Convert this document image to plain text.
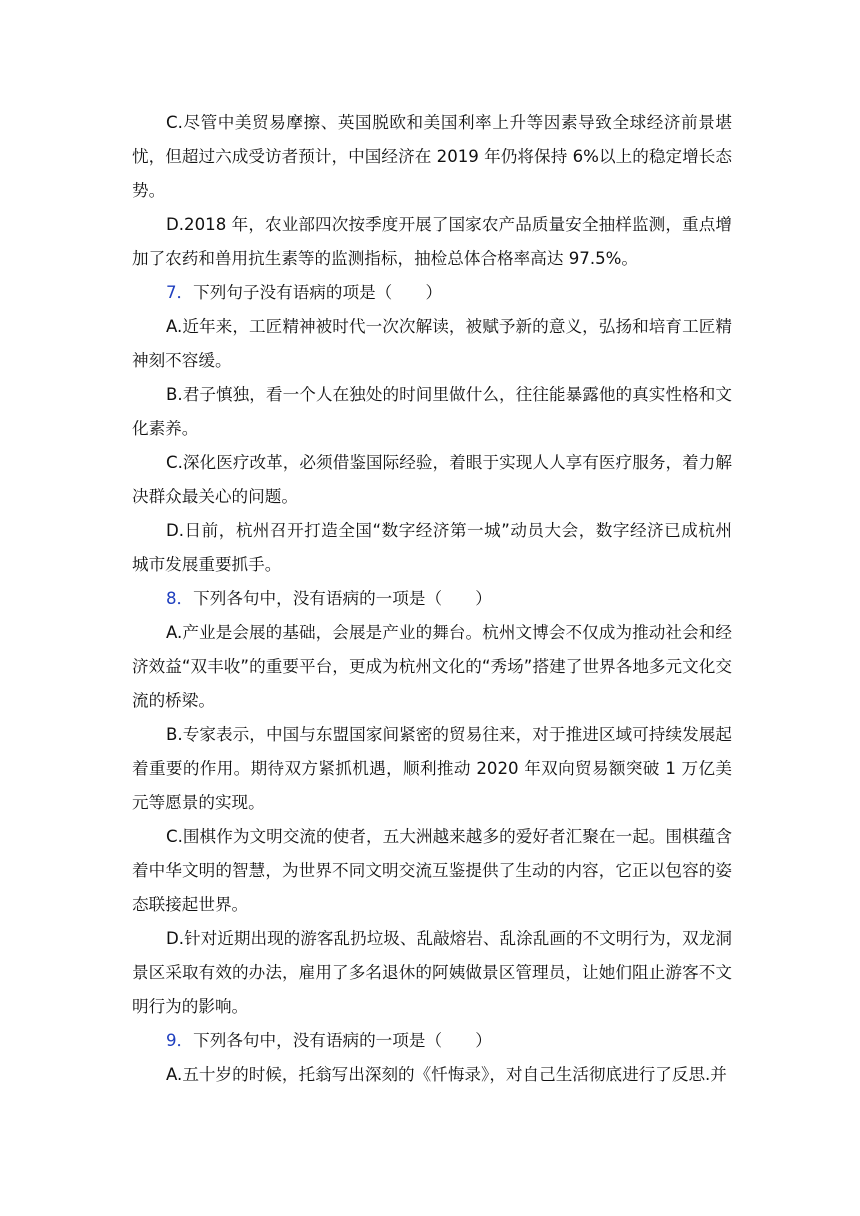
C.尽管中美贸易摩擦、英国脱欧和美国利率上升等因素导致全球经济前景堪忧，但超过六成受访者预计，中国经济在 2019 年仍将保持 6%以上的稳定增长态势。

D.2018 年，农业部四次按季度开展了国家农产品质量安全抽样监测，重点增加了农药和兽用抗生素等的监测指标，抽检总体合格率高达 97.5%。

7．下列句子没有语病的项是（　　）

A.近年来，工匠精神被时代一次次解读，被赋予新的意义，弘扬和培育工匠精神刻不容缓。

B.君子慎独，看一个人在独处的时间里做什么，往往能暴露他的真实性格和文化素养。

C.深化医疗改革，必须借鉴国际经验，着眼于实现人人享有医疗服务，着力解决群众最关心的问题。

D.日前，杭州召开打造全国“数字经济第一城”动员大会，数字经济已成杭州城市发展重要抓手。

8．下列各句中，没有语病的一项是（　　）

A.产业是会展的基础，会展是产业的舞台。杭州文博会不仅成为推动社会和经济效益“双丰收”的重要平台，更成为杭州文化的“秀场”搭建了世界各地多元文化交流的桥梁。

B.专家表示，中国与东盟国家间紧密的贸易往来，对于推进区域可持续发展起着重要的作用。期待双方紧抓机遇，顺利推动 2020 年双向贸易额突破 1 万亿美元等愿景的实现。

C.围棋作为文明交流的使者，五大洲越来越多的爱好者汇聚在一起。围棋蕴含着中华文明的智慧，为世界不同文明交流互鉴提供了生动的内容，它正以包容的姿态联接起世界。

D.针对近期出现的游客乱扔垃圾、乱敲熔岩、乱涂乱画的不文明行为，双龙洞景区采取有效的办法，雇用了多名退休的阿姨做景区管理员，让她们阻止游客不文明行为的影响。

9．下列各句中，没有语病的一项是（　　）

A.五十岁的时候，托翁写出深刻的《忏悔录》，对自己生活彻底进行了反思.并
